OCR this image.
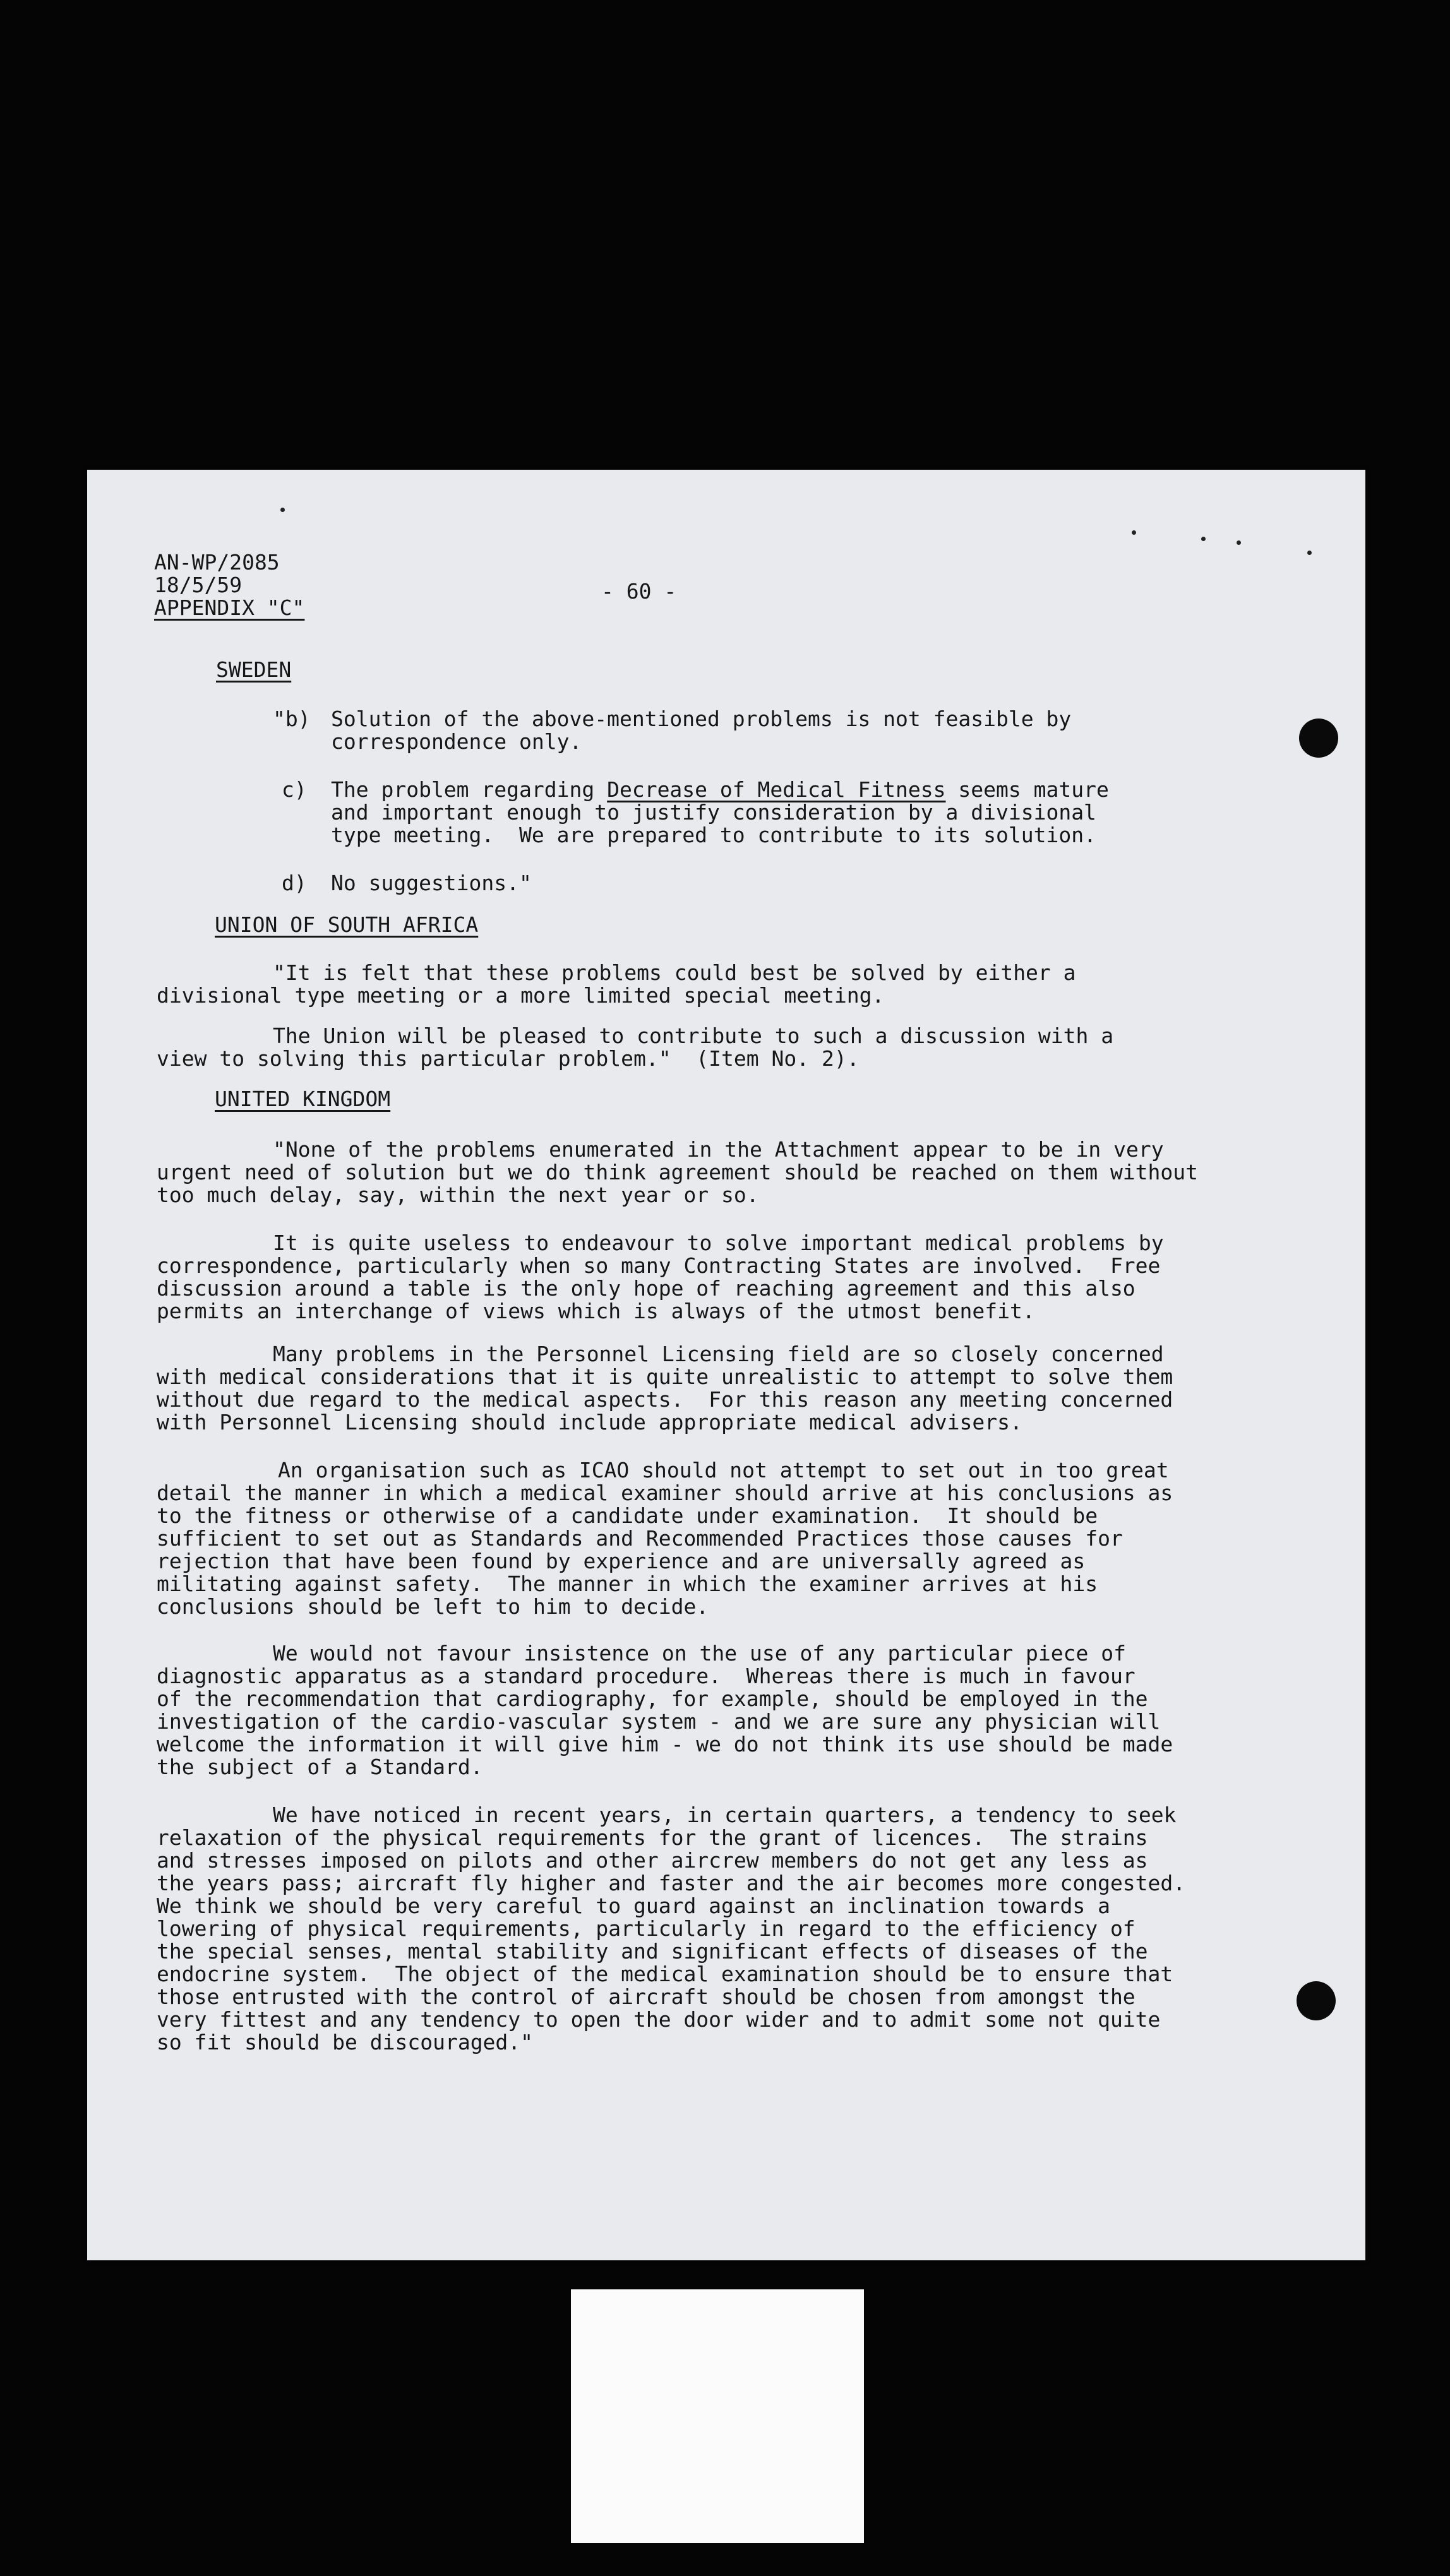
AN-WP/2085
18/5/59
APPENDIX "C"
- 60 -
SWEDEN
"b) Solution of the above-mentioned problems is not feasible by
correspondence only.
c) The problem regarding Decrease of Medical Fitness seems mature
and important enough to justify consideration by a divisional
type meeting.  We are prepared to contribute to its solution.
d) No suggestions."
UNION OF SOUTH AFRICA
"It is felt that these problems could best be solved by either a
divisional type meeting or a more limited special meeting.
The Union will be pleased to contribute to such a discussion with a
view to solving this particular problem."  (Item No. 2).
UNITED KINGDOM
"None of the problems enumerated in the Attachment appear to be in very
urgent need of solution but we do think agreement should be reached on them without
too much delay, say, within the next year or so.
It is quite useless to endeavour to solve important medical problems by
correspondence, particularly when so many Contracting States are involved.  Free
discussion around a table is the only hope of reaching agreement and this also
permits an interchange of views which is always of the utmost benefit.
Many problems in the Personnel Licensing field are so closely concerned
with medical considerations that it is quite unrealistic to attempt to solve them
without due regard to the medical aspects.  For this reason any meeting concerned
with Personnel Licensing should include appropriate medical advisers.
An organisation such as ICAO should not attempt to set out in too great
detail the manner in which a medical examiner should arrive at his conclusions as
to the fitness or otherwise of a candidate under examination.  It should be
sufficient to set out as Standards and Recommended Practices those causes for
rejection that have been found by experience and are universally agreed as
militating against safety.  The manner in which the examiner arrives at his
conclusions should be left to him to decide.
We would not favour insistence on the use of any particular piece of
diagnostic apparatus as a standard procedure.  Whereas there is much in favour
of the recommendation that cardiography, for example, should be employed in the
investigation of the cardio-vascular system - and we are sure any physician will
welcome the information it will give him - we do not think its use should be made
the subject of a Standard.
We have noticed in recent years, in certain quarters, a tendency to seek
relaxation of the physical requirements for the grant of licences.  The strains
and stresses imposed on pilots and other aircrew members do not get any less as
the years pass; aircraft fly higher and faster and the air becomes more congested.
We think we should be very careful to guard against an inclination towards a
lowering of physical requirements, particularly in regard to the efficiency of
the special senses, mental stability and significant effects of diseases of the
endocrine system.  The object of the medical examination should be to ensure that
those entrusted with the control of aircraft should be chosen from amongst the
very fittest and any tendency to open the door wider and to admit some not quite
so fit should be discouraged."
